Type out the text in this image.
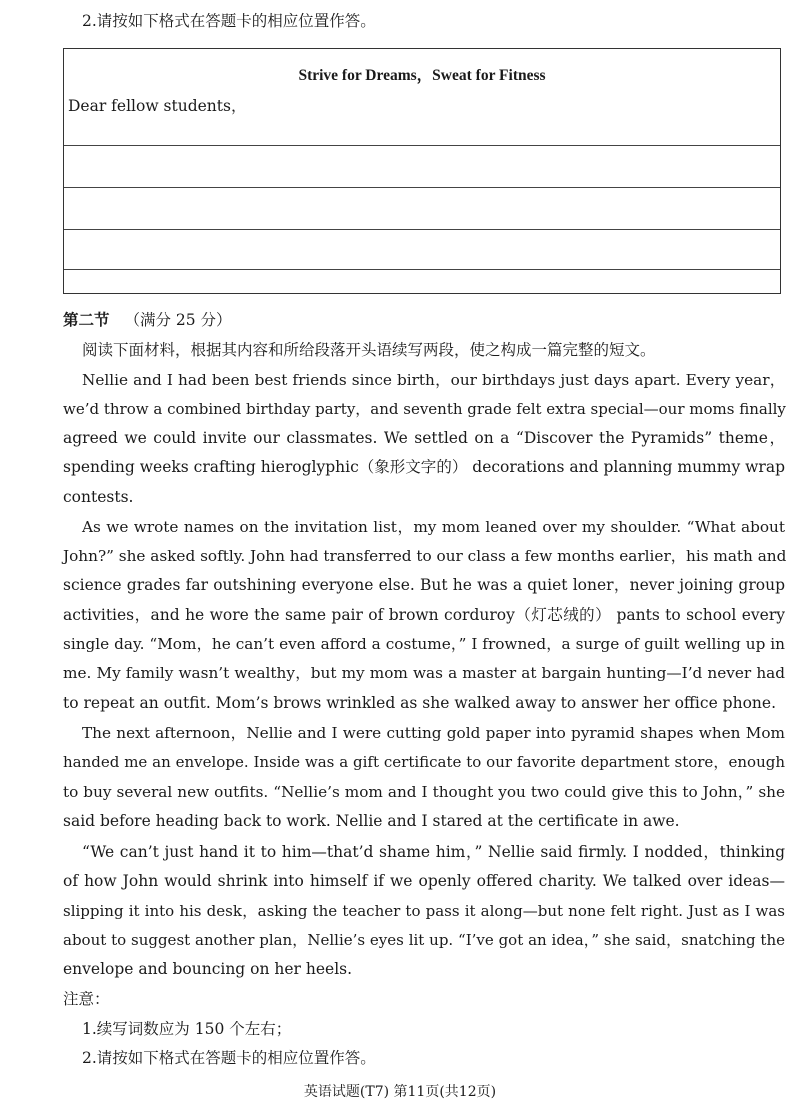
2.请按如下格式在答题卡的相应位置作答。
Strive for Dreams，Sweat for Fitness
Dear fellow students，
第二节 （满分 25 分）
阅读下面材料，根据其内容和所给段落开头语续写两段，使之构成一篇完整的短文。
Nellie and I had been best friends since birth，our birthdays just days apart. Every year，
we’d throw a combined birthday party，and seventh grade felt extra special—our moms finally
agreed we could invite our classmates. We settled on a “Discover the Pyramids” theme，
spending weeks crafting hieroglyphic（象形文字的） decorations and planning mummy wrap
contests.
As we wrote names on the invitation list，my mom leaned over my shoulder. “What about
John?” she asked softly. John had transferred to our class a few months earlier，his math and
science grades far outshining everyone else. But he was a quiet loner，never joining group
activities，and he wore the same pair of brown corduroy（灯芯绒的） pants to school every
single day. “Mom，he can’t even afford a costume，” I frowned，a surge of guilt welling up in
me. My family wasn’t wealthy，but my mom was a master at bargain hunting—I’d never had
to repeat an outfit. Mom’s brows wrinkled as she walked away to answer her office phone.
The next afternoon，Nellie and I were cutting gold paper into pyramid shapes when Mom
handed me an envelope. Inside was a gift certificate to our favorite department store，enough
to buy several new outfits. “Nellie’s mom and I thought you two could give this to John，” she
said before heading back to work. Nellie and I stared at the certificate in awe.
“We can’t just hand it to him—that’d shame him，” Nellie said firmly. I nodded，thinking
of how John would shrink into himself if we openly offered charity. We talked over ideas—
slipping it into his desk，asking the teacher to pass it along—but none felt right. Just as I was
about to suggest another plan，Nellie’s eyes lit up. “I’ve got an idea，” she said，snatching the
envelope and bouncing on her heels.
注意：
1.续写词数应为 150 个左右；
2.请按如下格式在答题卡的相应位置作答。
英语试题(T7) 第11页(共12页)
